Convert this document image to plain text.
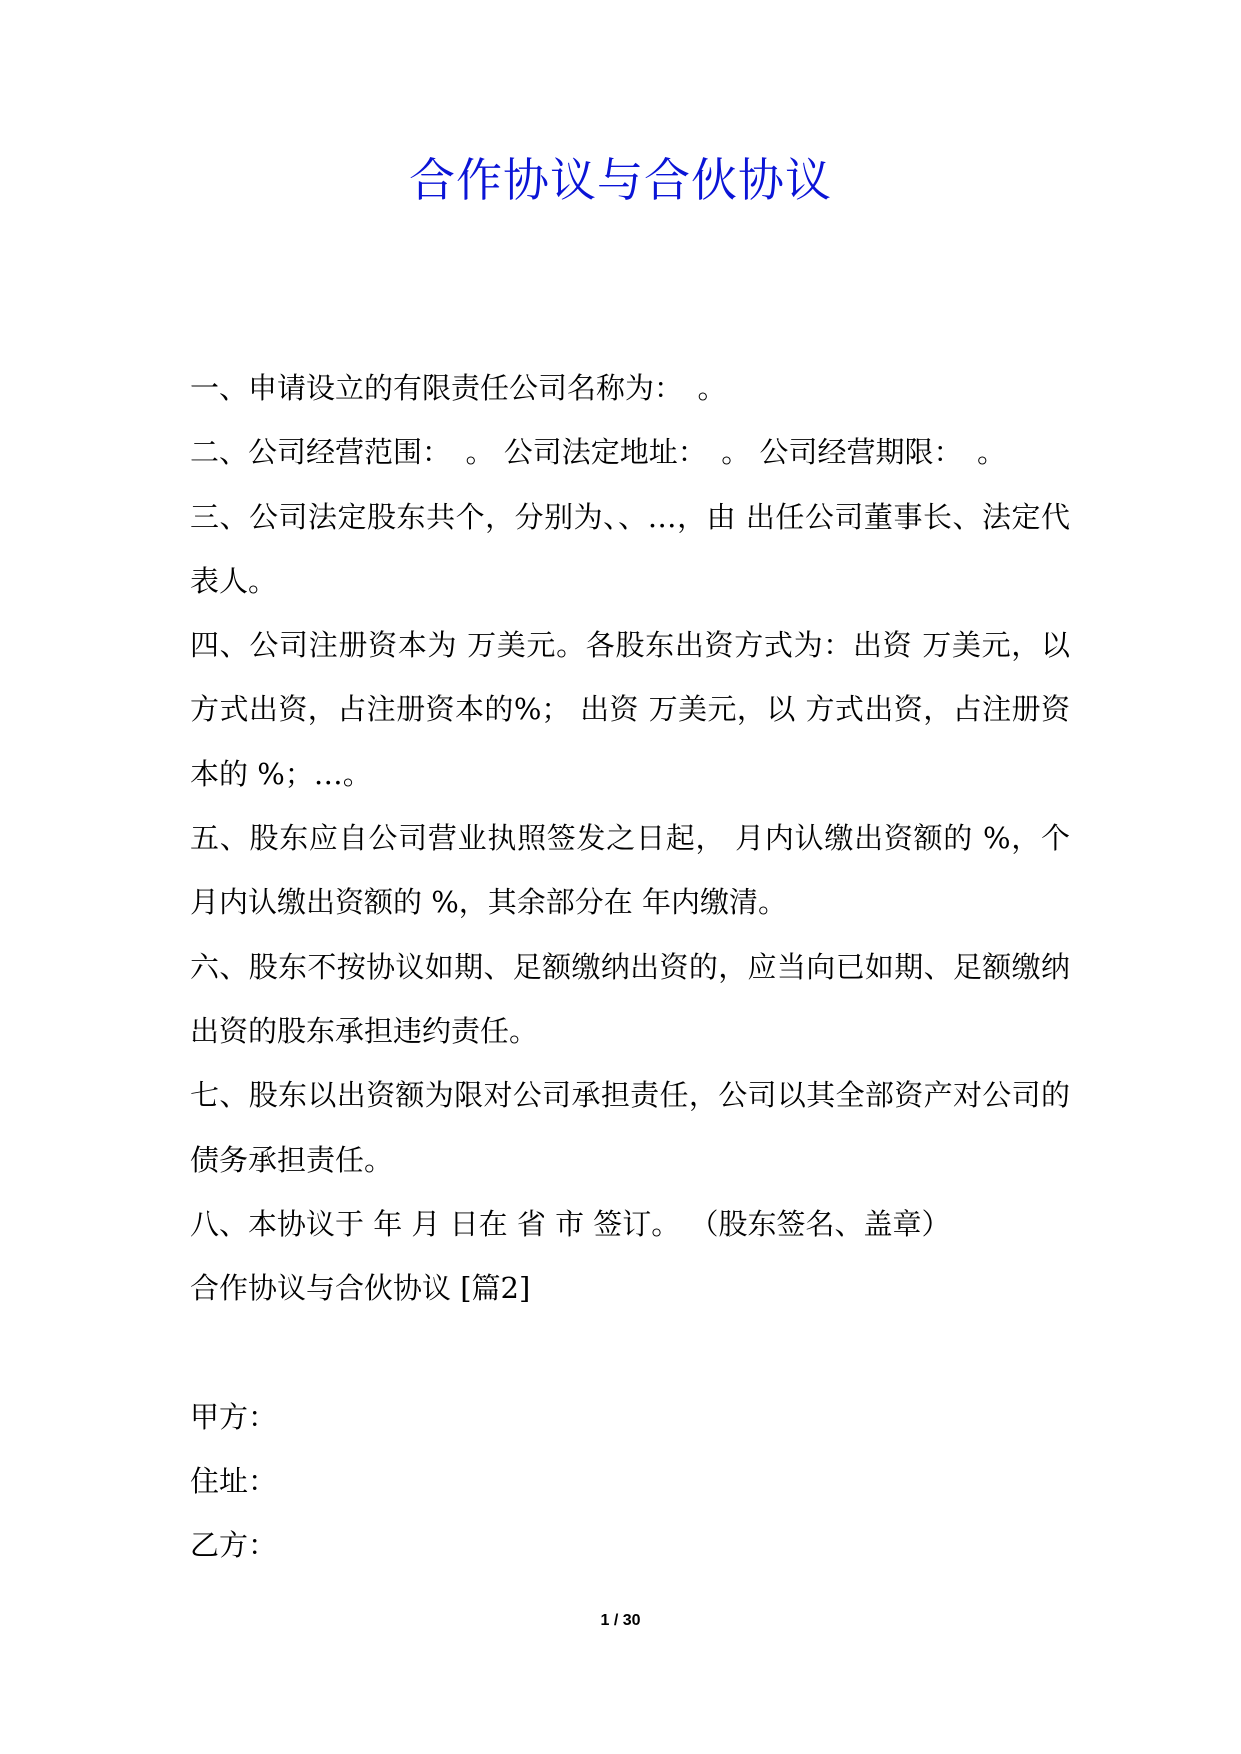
合作协议与合伙协议

一、申请设立的有限责任公司名称为：　。

二、公司经营范围：　。 公司法定地址：　。 公司经营期限：　。

三、公司法定股东共个，分别为、、…，由 出任公司董事长、法定代表人。

四、公司注册资本为 万美元。各股东出资方式为：出资 万美元，以 方式出资，占注册资本的%； 出资 万美元，以 方式出资，占注册资本的 %；…。

五、股东应自公司营业执照签发之日起， 月内认缴出资额的 %，个月内认缴出资额的 %，其余部分在 年内缴清。

六、股东不按协议如期、足额缴纳出资的，应当向已如期、足额缴纳出资的股东承担违约责任。

七、股东以出资额为限对公司承担责任，公司以其全部资产对公司的债务承担责任。

八、本协议于 年 月 日在 省 市 签订。 （股东签名、盖章）

合作协议与合伙协议 [篇2]

甲方：

住址：

乙方：

1 / 30
